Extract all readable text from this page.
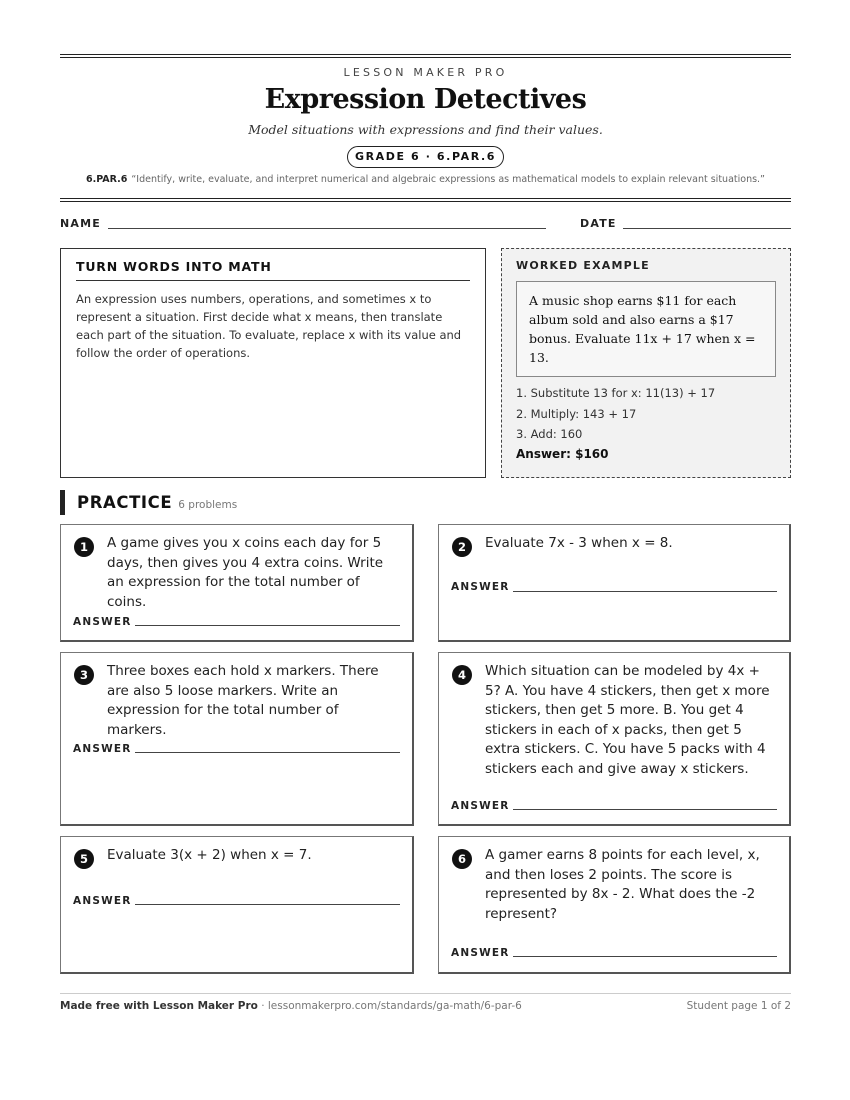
LESSON MAKER PRO
Expression Detectives
Model situations with expressions and find their values.
GRADE 6 · 6.PAR.6
6.PAR.6 “Identify, write, evaluate, and interpret numerical and algebraic expressions as mathematical models to explain relevant situations.”
NAME	DATE
TURN WORDS INTO MATH

An expression uses numbers, operations, and sometimes x to represent a situation. First decide what x means, then translate each part of the situation. To evaluate, replace x with its value and follow the order of operations.

WORKED EXAMPLE
A music shop earns $11 for each album sold and also earns a $17 bonus. Evaluate 11x + 17 when x = 13.
1. Substitute 13 for x: 11(13) + 17
2. Multiply: 143 + 17
3. Add: 160
Answer: $160
PRACTICE 6 problems
1	A game gives you x coins each day for 5 days, then gives you 4 extra coins. Write an expression for the total number of coins.
ANSWER
2	Evaluate 7x - 3 when x = 8.
ANSWER
3	Three boxes each hold x markers. There are also 5 loose markers. Write an expression for the total number of markers.
ANSWER
4	Which situation can be modeled by 4x + 5? A. You have 4 stickers, then get x more stickers, then get 5 more. B. You get 4 stickers in each of x packs, then get 5 extra stickers. C. You have 5 packs with 4 stickers each and give away x stickers.
ANSWER
5	Evaluate 3(x + 2) when x = 7.
ANSWER
6	A gamer earns 8 points for each level, x, and then loses 2 points. The score is represented by 8x - 2. What does the -2 represent?
ANSWER
Made free with Lesson Maker Pro · lessonmakerpro.com/standards/ga-math/6-par-6	Student page 1 of 2
